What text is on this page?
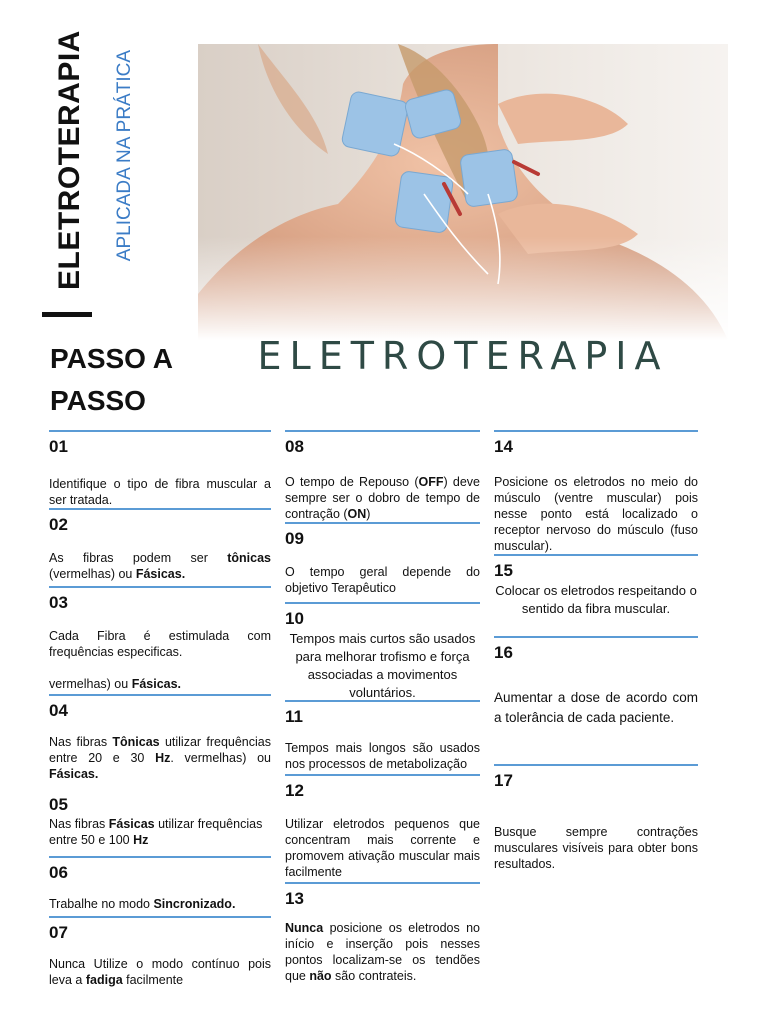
ELETROTERAPIA	APLICADA NA PRÁTICA
ELETROTERAPIA
PASSO A PASSO
01
Identifique o tipo de fibra muscular a ser tratada.
02
As fibras podem ser tônicas (vermelhas) ou Fásicas.
03
Cada Fibra é estimulada com frequências especificas.

vermelhas) ou Fásicas.
04
Nas fibras Tônicas utilizar frequências entre 20 e 30 Hz. vermelhas) ou Fásicas.
05
Nas fibras Fásicas utilizar frequências entre 50 e 100 Hz
06
Trabalhe no modo Sincronizado.
07
Nunca Utilize o modo contínuo pois leva a fadiga facilmente
08
O tempo de Repouso (OFF) deve sempre ser o dobro de tempo de contração (ON)
09
O tempo geral depende do objetivo Terapêutico
10
Tempos mais curtos são usados para melhorar trofismo e força associadas a movimentos voluntários.
11
Tempos mais longos são usados nos processos de metabolização
12
Utilizar eletrodos pequenos que concentram mais corrente e promovem ativação muscular mais facilmente
13
Nunca posicione os eletrodos no início e inserção pois nesses pontos localizam-se os tendões que não são contrateis.
14
Posicione os eletrodos no meio do músculo (ventre muscular) pois nesse ponto está localizado o receptor nervoso do músculo (fuso muscular).
15
Colocar os eletrodos respeitando o sentido da fibra muscular.
16
Aumentar a dose de acordo com a tolerância de cada paciente.
17
Busque sempre contrações musculares visíveis para obter bons resultados.
